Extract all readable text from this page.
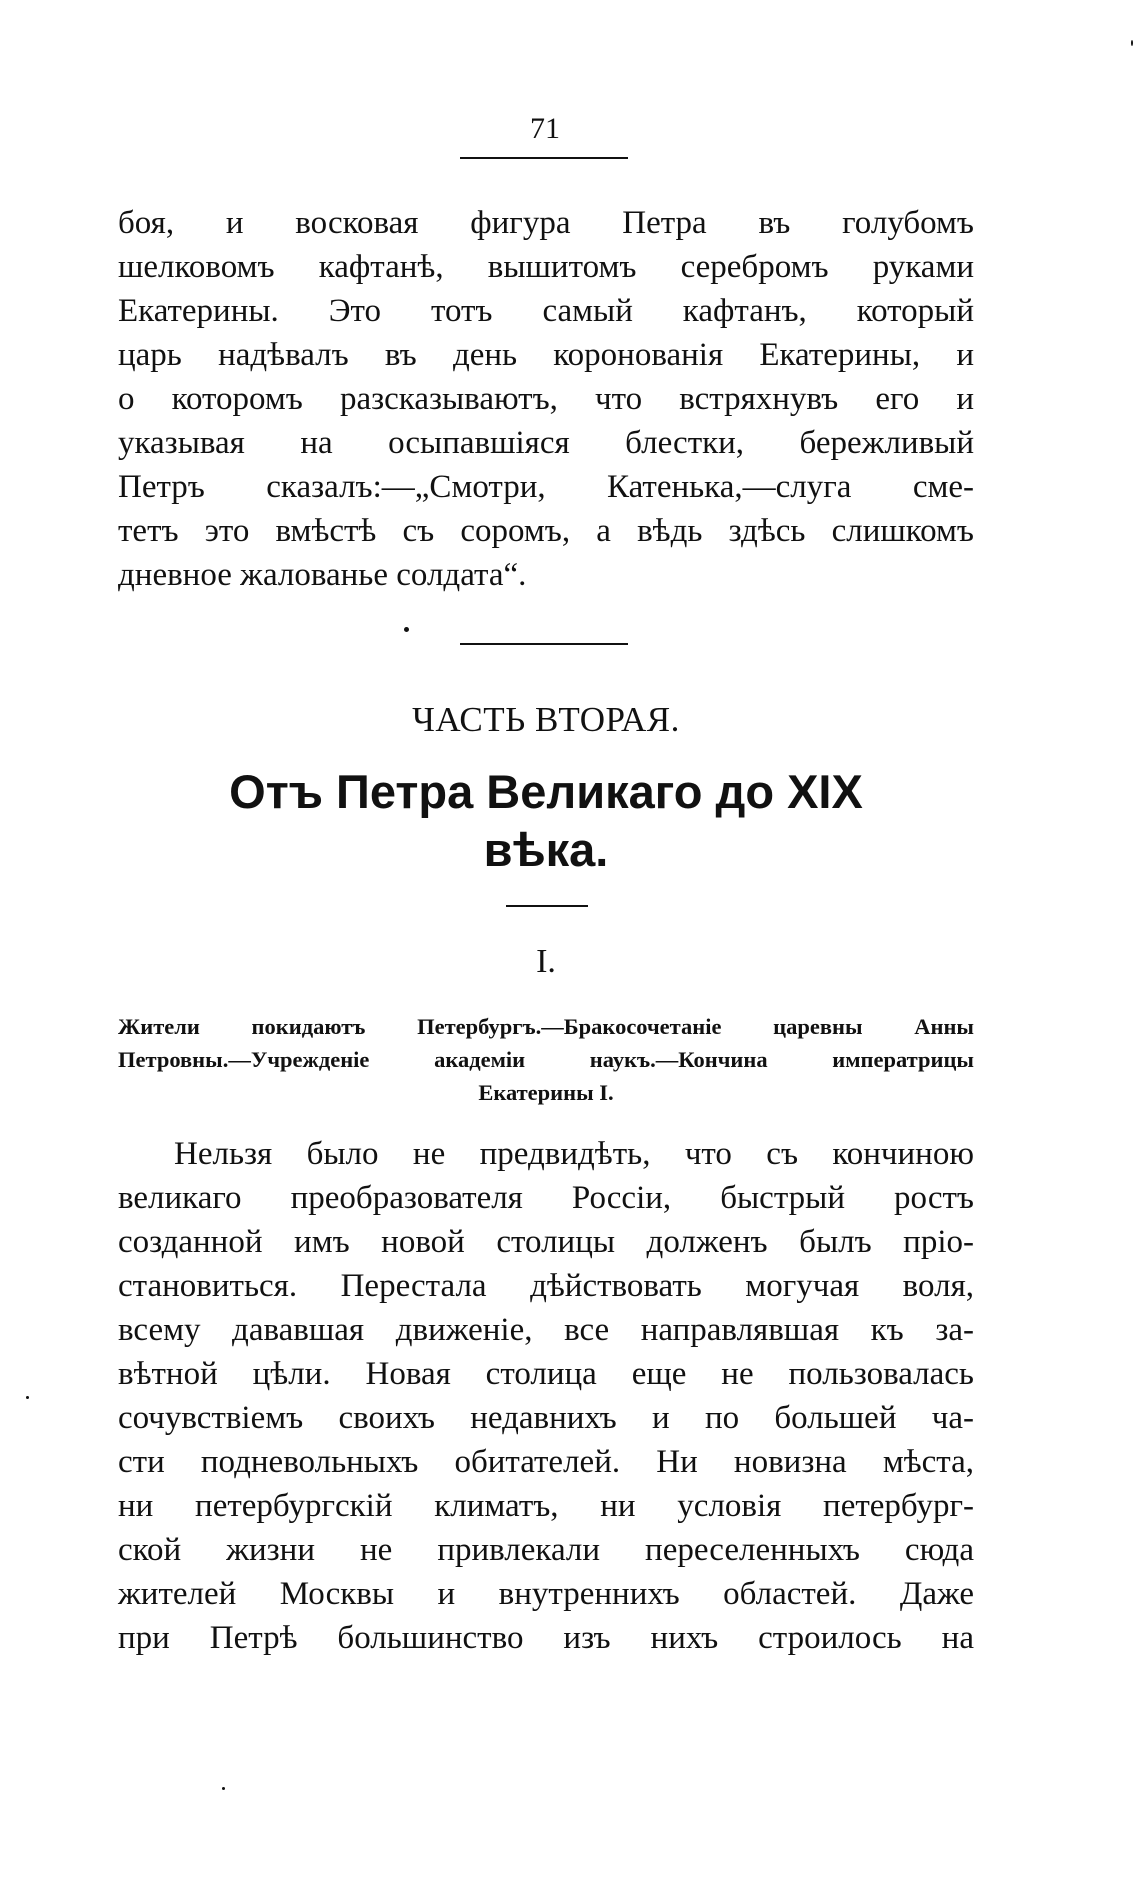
71
боя, и восковая фигура Петра въ голубомъ
шелковомъ кафтанѣ, вышитомъ серебромъ руками
Екатерины. Это тотъ самый кафтанъ, который
царь надѣвалъ въ день коронованія Екатерины, и
о которомъ разсказываютъ, что встряхнувъ его и
указывая на осыпавшіяся блестки, бережливый
Петръ сказалъ:—„Смотри, Катенька,—слуга сме-
тетъ это вмѣстѣ съ соромъ, а вѣдь здѣсь слишкомъ
дневное жалованье солдата“.
ЧАСТЬ ВТОРАЯ.
Отъ Петра Великаго до XIX
вѣка.
I.
Жители покидаютъ Петербургъ.—Бракосочетаніе царевны Анны
Петровны.—Учрежденіе академіи наукъ.—Кончина императрицы
Екатерины I.
Нельзя было не предвидѣть, что съ кончиною
великаго преобразователя Россіи, быстрый ростъ
созданной имъ новой столицы долженъ былъ пріо-
становиться. Перестала дѣйствовать могучая воля,
всему дававшая движеніе, все направлявшая къ за-
вѣтной цѣли. Новая столица еще не пользовалась
сочувствіемъ своихъ недавнихъ и по большей ча-
сти подневольныхъ обитателей. Ни новизна мѣста,
ни петербургскій климатъ, ни условія петербург-
ской жизни не привлекали переселенныхъ сюда
жителей Москвы и внутреннихъ областей. Даже
при Петрѣ большинство изъ нихъ строилось на
